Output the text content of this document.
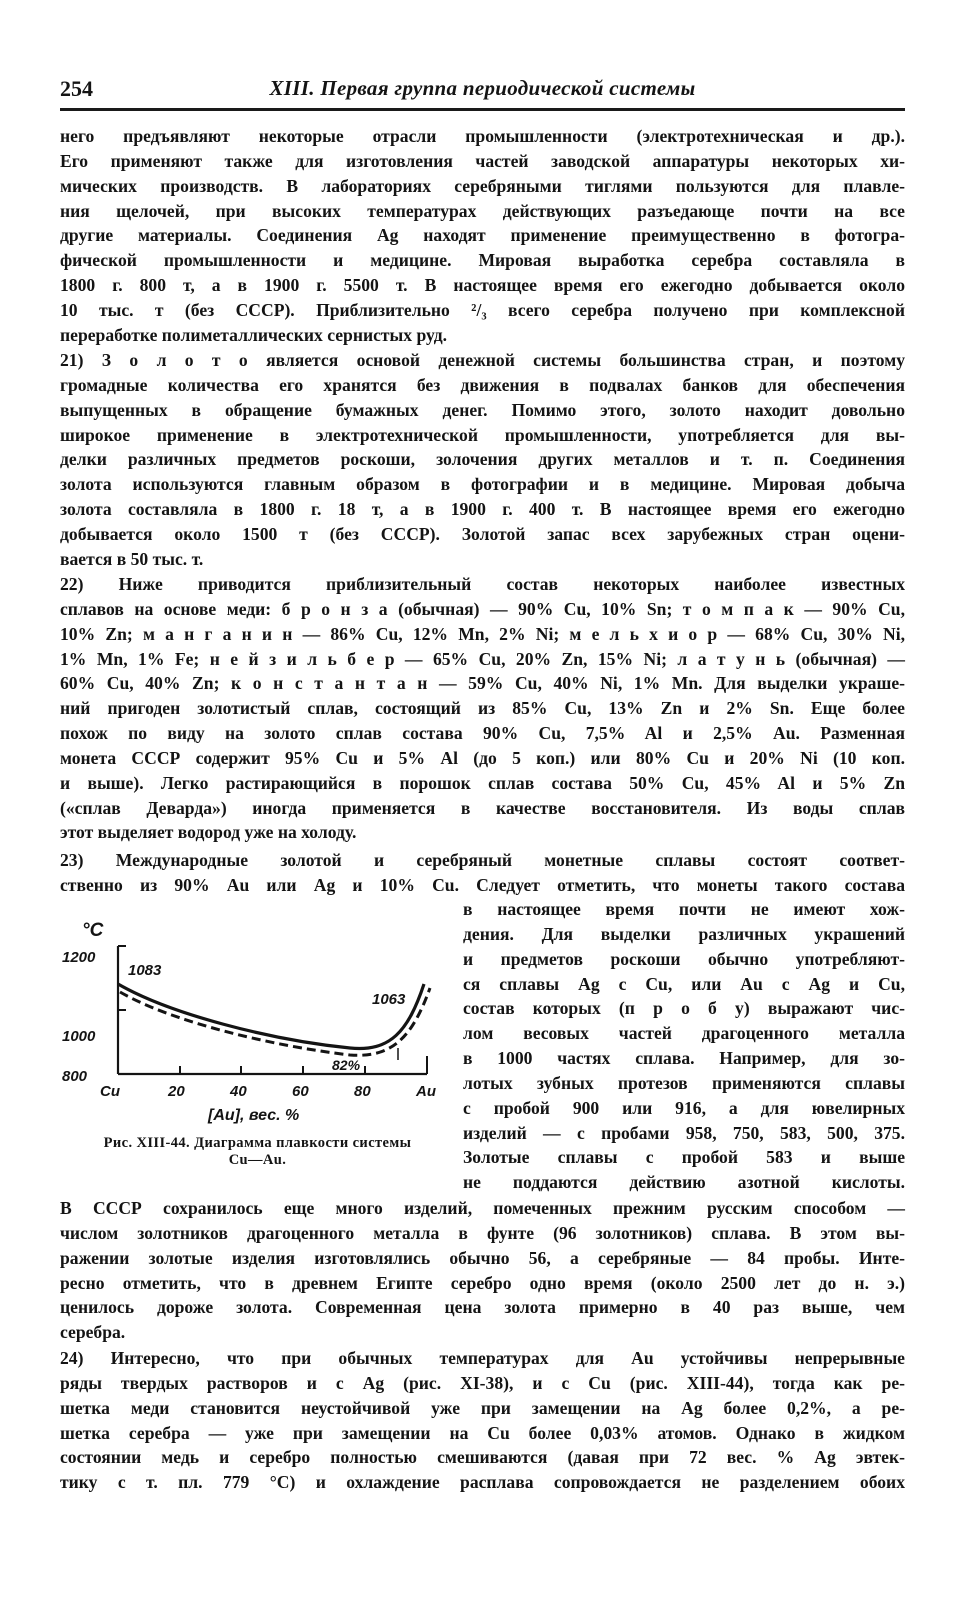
254	XIII. Первая группа периодической системы
него предъявляют некоторые отрасли промышленности (электротехническая и др.).
Его применяют также для изготовления частей заводской аппаратуры некоторых хи-
мических производств. В лабораториях серебряными тиглями пользуются для плавле-
ния щелочей, при высоких температурах действующих разъедающе почти на все
другие материалы. Соединения Ag находят применение преимущественно в фотогра-
фической промышленности и медицине. Мировая выработка серебра составляла в
1800 г. 800 т, а в 1900 г. 5500 т. В настоящее время его ежегодно добывается около
10 тыс. т (без СССР). Приблизительно ²/₃ всего серебра получено при комплексной
переработке полиметаллических сернистых руд.
21) З о л о т о является основой денежной системы большинства стран, и поэтому
громадные количества его хранятся без движения в подвалах банков для обеспечения
выпущенных в обращение бумажных денег. Помимо этого, золото находит довольно
широкое применение в электротехнической промышленности, употребляется для вы-
делки различных предметов роскоши, золочения других металлов и т. п. Соединения
золота используются главным образом в фотографии и в медицине. Мировая добыча
золота составляла в 1800 г. 18 т, а в 1900 г. 400 т. В настоящее время его ежегодно
добывается около 1500 т (без СССР). Золотой запас всех зарубежных стран оцени-
вается в 50 тыс. т.
22) Ниже приводится приблизительный состав некоторых наиболее известных
сплавов на основе меди: б р о н з а (обычная) — 90% Cu, 10% Sn; т о м п а к — 90% Cu,
10% Zn; м а н г а н и н — 86% Cu, 12% Mn, 2% Ni; м е л ь х и о р — 68% Cu, 30% Ni,
1% Mn, 1% Fe; н е й з и л ь б е р — 65% Cu, 20% Zn, 15% Ni; л а т у н ь (обычная) —
60% Cu, 40% Zn; к о н с т а н т а н — 59% Cu, 40% Ni, 1% Mn. Для выделки украше-
ний пригоден золотистый сплав, состоящий из 85% Cu, 13% Zn и 2% Sn. Еще более
похож по виду на золото сплав состава 90% Cu, 7,5% Al и 2,5% Au. Разменная
монета СССР содержит 95% Cu и 5% Al (до 5 коп.) или 80% Cu и 20% Ni (10 коп.
и выше). Легко растирающийся в порошок сплав состава 50% Cu, 45% Al и 5% Zn
(«сплав Деварда») иногда применяется в качестве восстановителя. Из воды сплав
этот выделяет водород уже на холоду.
23) Международные золотой и серебряный монетные сплавы состоят соответ-
ственно из 90% Au или Ag и 10% Cu. Следует отметить, что монеты такого состава
в настоящее время почти не имеют хож-
дения. Для выделки различных украшений
и предметов роскоши обычно употребляют-
ся сплавы Ag с Cu, или Au с Ag и Cu,
состав которых (п р о б у) выражают чис-
лом весовых частей драгоценного металла
в 1000 частях сплава. Например, для зо-
лотых зубных протезов применяются сплавы
с пробой 900 или 916, а для ювелирных
изделий — с пробами 958, 750, 583, 500, 375.
Золотые сплавы с пробой 583 и выше
не поддаются действию азотной кислоты.
В СССР сохранилось еще много изделий, помеченных прежним русским способом —
числом золотников драгоценного металла в фунте (96 золотников) сплава. В этом вы-
ражении золотые изделия изготовлялись обычно 56, а серебряные — 84 пробы. Инте-
ресно отметить, что в древнем Египте серебро одно время (около 2500 лет до н. э.)
ценилось дороже золота. Современная цена золота примерно в 40 раз выше, чем
серебра.
24) Интересно, что при обычных температурах для Au устойчивы непрерывные
ряды твердых растворов и с Ag (рис. XI-38), и с Cu (рис. XIII-44), тогда как ре-
шетка меди становится неустойчивой уже при замещении на Ag более 0,2%, а ре-
шетка серебра — уже при замещении на Cu более 0,03% атомов. Однако в жидком
состоянии медь и серебро полностью смешиваются (давая при 72 вес. % Ag эвтек-
тику с т. пл. 779 °C) и охлаждение расплава сопровождается не разделением обоих
°C
1200
1000
800
1083
1063
82%
Cu	20	40	60	80	Au
[Au], вес. %
Рис. XIII-44. Диаграмма плавкости системы
Cu—Au.
